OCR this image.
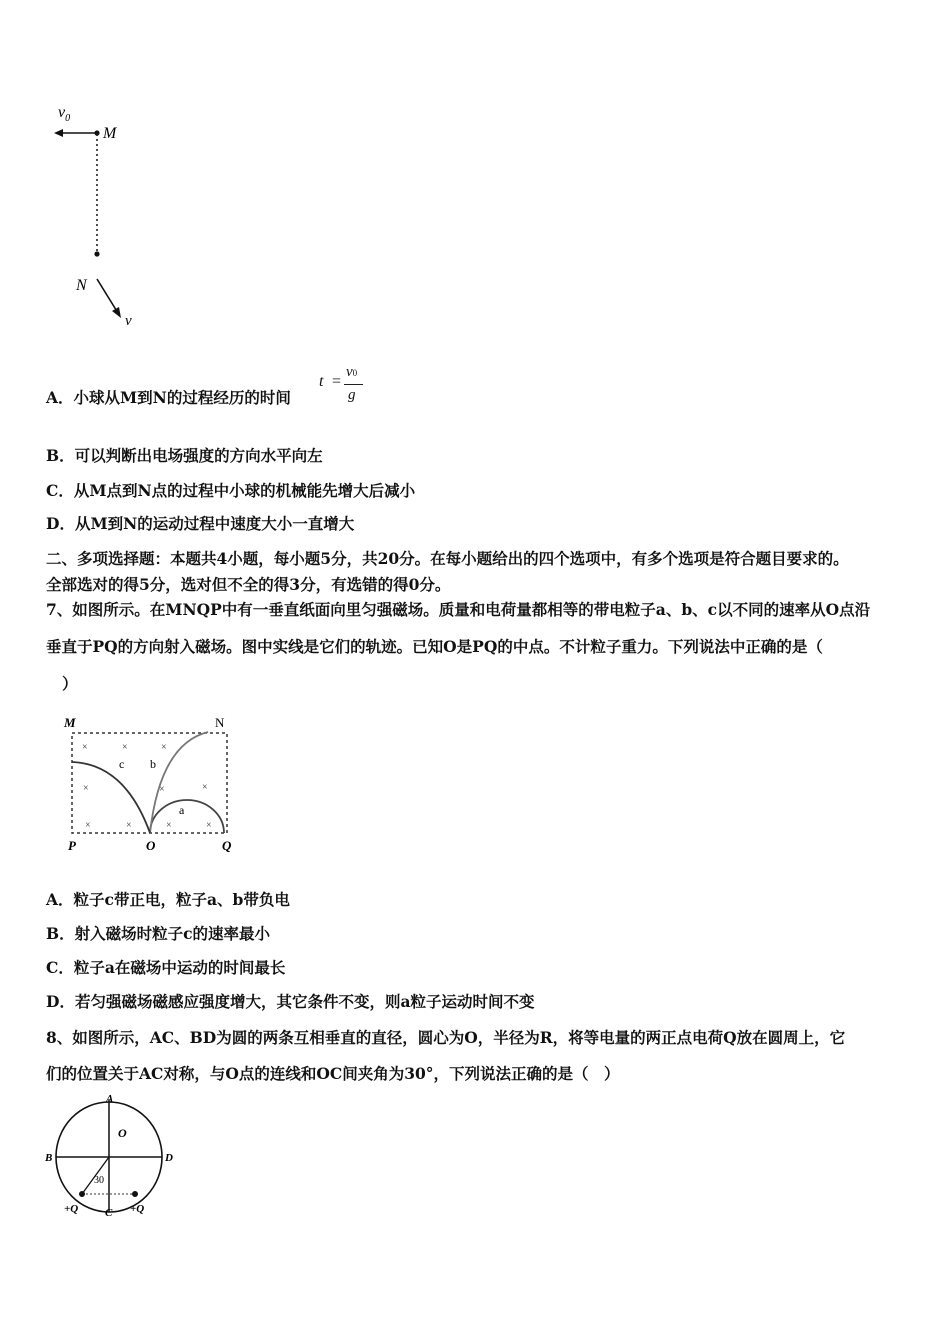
$v_0$
M
N
v
A．小球从M到N的过程经历的时间
t =
v0
g
B．可以判断出电场强度的方向水平向左
C．从M点到N点的过程中小球的机械能先增大后减小
D．从M到N的运动过程中速度大小一直增大
二、多项选择题：本题共4小题，每小题5分，共20分。在每小题给出的四个选项中，有多个选项是符合题目要求的。
全部选对的得5分，选对但不全的得3分，有选错的得0分。
7、如图所示。在MNQP中有一垂直纸面向里匀强磁场。质量和电荷量都相等的带电粒子a、b、c以不同的速率从O点沿
垂直于PQ的方向射入磁场。图中实线是它们的轨迹。已知O是PQ的中点。不计粒子重力。下列说法中正确的是（
）
M	N
P	O	Q
a
b
c
×	×	×
×	×	×
×	×	×	×
A．粒子c带正电，粒子a、b带负电
B．射入磁场时粒子c的速率最小
C．粒子a在磁场中运动的时间最长
D．若匀强磁场磁感应强度增大，其它条件不变，则a粒子运动时间不变
8、如图所示，AC、BD为圆的两条互相垂直的直径，圆心为O，半径为R，将等电量的两正点电荷Q放在圆周上，它
们的位置关于AC对称，与O点的连线和OC间夹角为30°，下列说法正确的是（　）
A
O
B	D
30
C
+Q	+Q
